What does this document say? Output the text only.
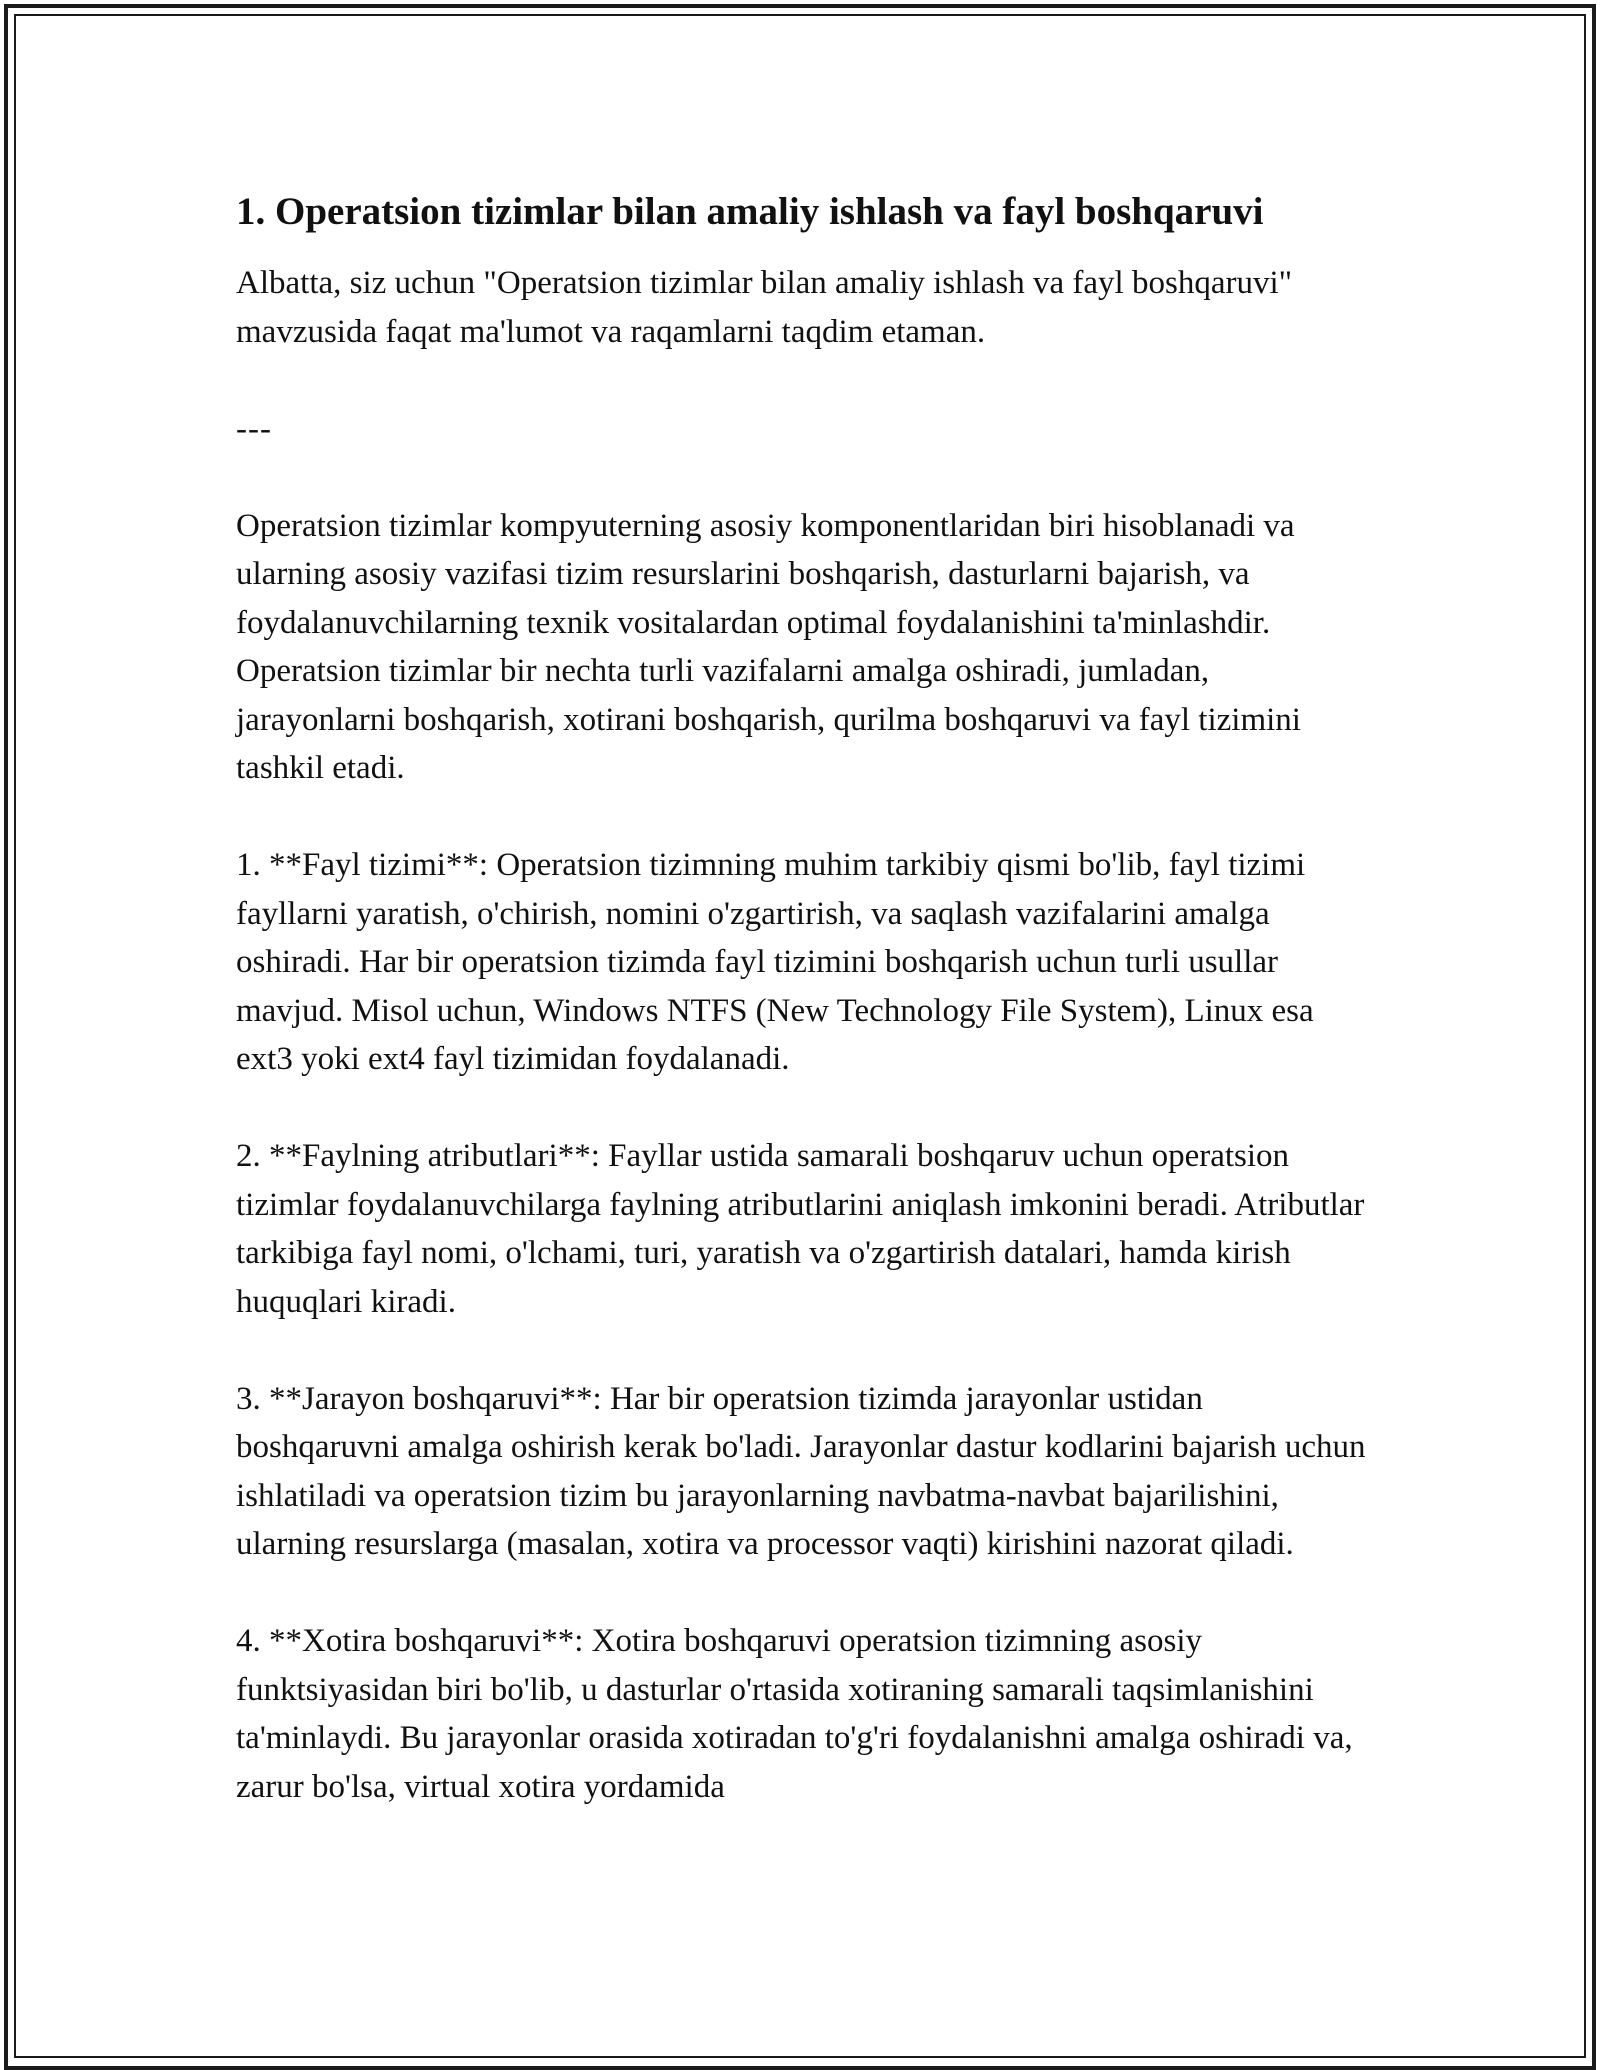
1. Operatsion tizimlar bilan amaliy ishlash va fayl boshqaruvi

Albatta, siz uchun "Operatsion tizimlar bilan amaliy ishlash va fayl boshqaruvi" mavzusida faqat ma'lumot va raqamlarni taqdim etaman.

---

Operatsion tizimlar kompyuterning asosiy komponentlaridan biri hisoblanadi va ularning asosiy vazifasi tizim resurslarini boshqarish, dasturlarni bajarish, va foydalanuvchilarning texnik vositalardan optimal foydalanishini ta'minlashdir. Operatsion tizimlar bir nechta turli vazifalarni amalga oshiradi, jumladan, jarayonlarni boshqarish, xotirani boshqarish, qurilma boshqaruvi va fayl tizimini tashkil etadi.

1. **Fayl tizimi**: Operatsion tizimning muhim tarkibiy qismi bo'lib, fayl tizimi fayllarni yaratish, o'chirish, nomini o'zgartirish, va saqlash vazifalarini amalga oshiradi. Har bir operatsion tizimda fayl tizimini boshqarish uchun turli usullar mavjud. Misol uchun, Windows NTFS (New Technology File System), Linux esa ext3 yoki ext4 fayl tizimidan foydalanadi.

2. **Faylning atributlari**: Fayllar ustida samarali boshqaruv uchun operatsion tizimlar foydalanuvchilarga faylning atributlarini aniqlash imkonini beradi. Atributlar tarkibiga fayl nomi, o'lchami, turi, yaratish va o'zgartirish datalari, hamda kirish huquqlari kiradi.

3. **Jarayon boshqaruvi**: Har bir operatsion tizimda jarayonlar ustidan boshqaruvni amalga oshirish kerak bo'ladi. Jarayonlar dastur kodlarini bajarish uchun ishlatiladi va operatsion tizim bu jarayonlarning navbatma-navbat bajarilishini, ularning resurslarga (masalan, xotira va processor vaqti) kirishini nazorat qiladi.

4. **Xotira boshqaruvi**: Xotira boshqaruvi operatsion tizimning asosiy funktsiyasidan biri bo'lib, u dasturlar o'rtasida xotiraning samarali taqsimlanishini ta'minlaydi. Bu jarayonlar orasida xotiradan to'g'ri foydalanishni amalga oshiradi va, zarur bo'lsa, virtual xotira yordamida
